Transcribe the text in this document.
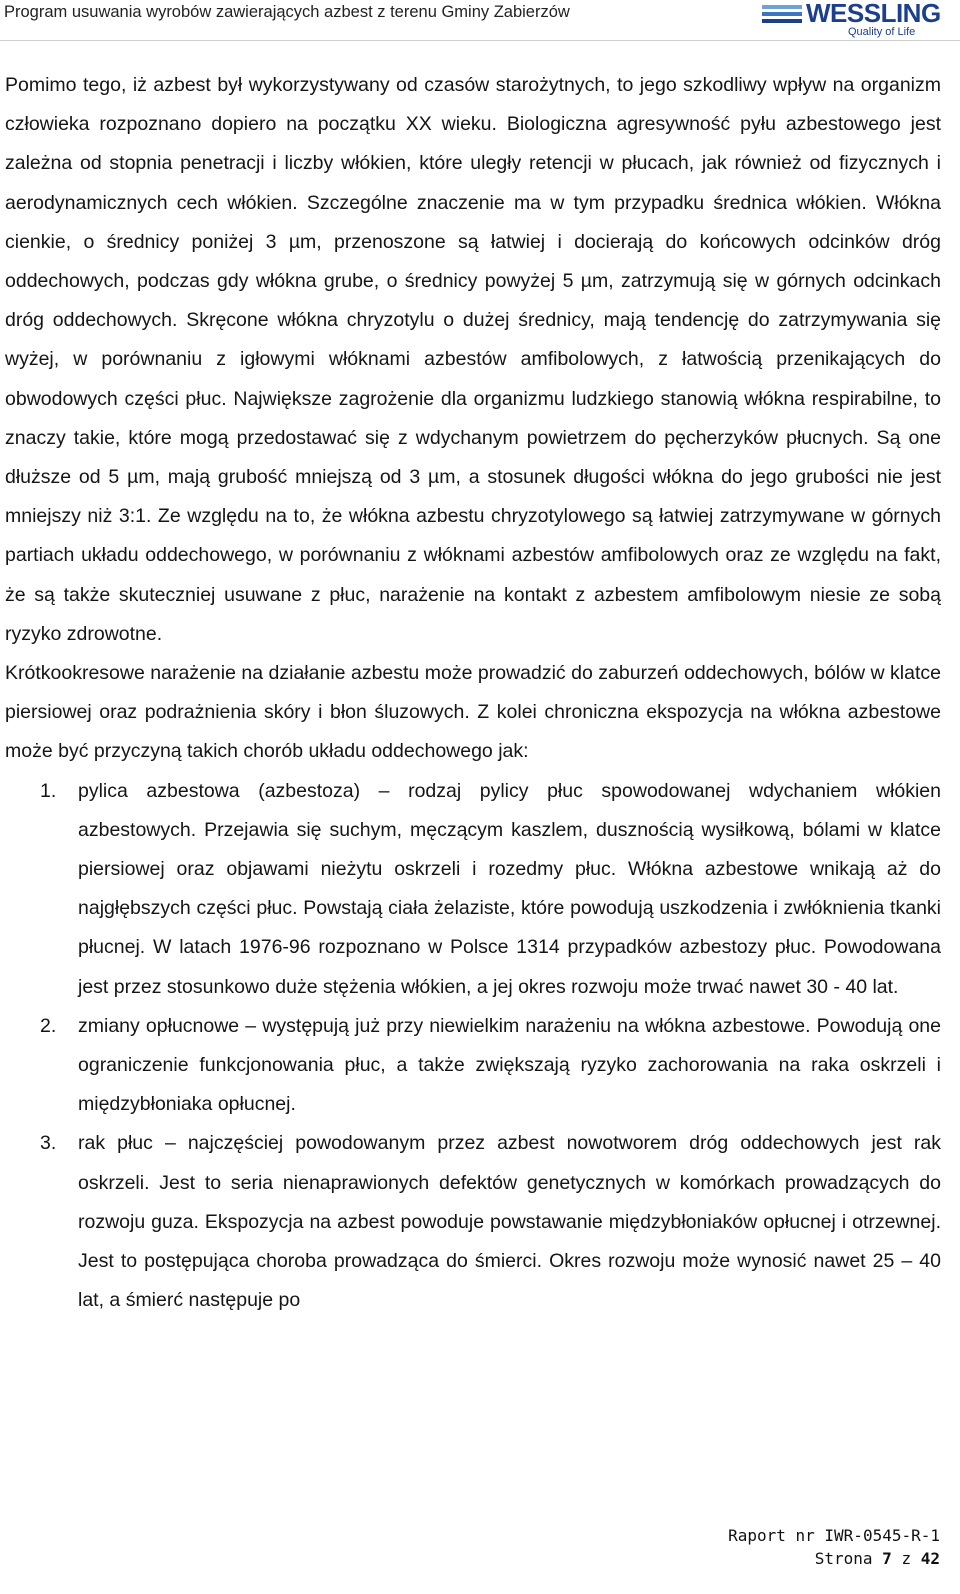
Program usuwania wyrobów zawierających azbest z terenu Gminy Zabierzów	WESSLING
Quality of Life

Pomimo tego, iż azbest był wykorzystywany od czasów starożytnych, to jego szkodliwy wpływ na organizm człowieka rozpoznano dopiero na początku XX wieku. Biologiczna agresywność pyłu azbestowego jest zależna od stopnia penetracji i liczby włókien, które uległy retencji w płucach, jak również od fizycznych i aerodynamicznych cech włókien. Szczególne znaczenie ma w tym przypadku średnica włókien. Włókna cienkie, o średnicy poniżej 3 µm, przenoszone są łatwiej i docierają do końcowych odcinków dróg oddechowych, podczas gdy włókna grube, o średnicy powyżej 5 µm, zatrzymują się w górnych odcinkach dróg oddechowych. Skręcone włókna chryzotylu o dużej średnicy, mają tendencję do zatrzymywania się wyżej, w porównaniu z igłowymi włóknami azbestów amfibolowych, z łatwością przenikających do obwodowych części płuc. Największe zagrożenie dla organizmu ludzkiego stanowią włókna respirabilne, to znaczy takie, które mogą przedostawać się z wdychanym powietrzem do pęcherzyków płucnych. Są one dłuższe od 5 µm, mają grubość mniejszą od 3 µm, a stosunek długości włókna do jego grubości nie jest mniejszy niż 3:1. Ze względu na to, że włókna azbestu chryzotylowego są łatwiej zatrzymywane w górnych partiach układu oddechowego, w porównaniu z włóknami azbestów amfibolowych oraz ze względu na fakt, że są także skuteczniej usuwane z płuc, narażenie na kontakt z azbestem amfibolowym niesie ze sobą ryzyko zdrowotne.

Krótkookresowe narażenie na działanie azbestu może prowadzić do zaburzeń oddechowych, bólów w klatce piersiowej oraz podrażnienia skóry i błon śluzowych. Z kolei chroniczna ekspozycja na włókna azbestowe może być przyczyną takich chorób układu oddechowego jak:

1. pylica azbestowa (azbestoza) – rodzaj pylicy płuc spowodowanej wdychaniem włókien azbestowych. Przejawia się suchym, męczącym kaszlem, dusznością wysiłkową, bólami w klatce piersiowej oraz objawami nieżytu oskrzeli i rozedmy płuc. Włókna azbestowe wnikają aż do najgłębszych części płuc. Powstają ciała żelaziste, które powodują uszkodzenia i zwłóknienia tkanki płucnej. W latach 1976-96 rozpoznano w Polsce 1314 przypadków azbestozy płuc. Powodowana jest przez stosunkowo duże stężenia włókien, a jej okres rozwoju może trwać nawet 30 - 40 lat.
2. zmiany opłucnowe – występują już przy niewielkim narażeniu na włókna azbestowe. Powodują one ograniczenie funkcjonowania płuc, a także zwiększają ryzyko zachorowania na raka oskrzeli i międzybłoniaka opłucnej.
3. rak płuc – najczęściej powodowanym przez azbest nowotworem dróg oddechowych jest rak oskrzeli. Jest to seria nienaprawionych defektów genetycznych w komórkach prowadzących do rozwoju guza. Ekspozycja na azbest powoduje powstawanie międzybłoniaków opłucnej i otrzewnej. Jest to postępująca choroba prowadząca do śmierci. Okres rozwoju może wynosić nawet 25 – 40 lat, a śmierć następuje po
Raport nr IWR-0545-R-1
Strona 7 z 42
